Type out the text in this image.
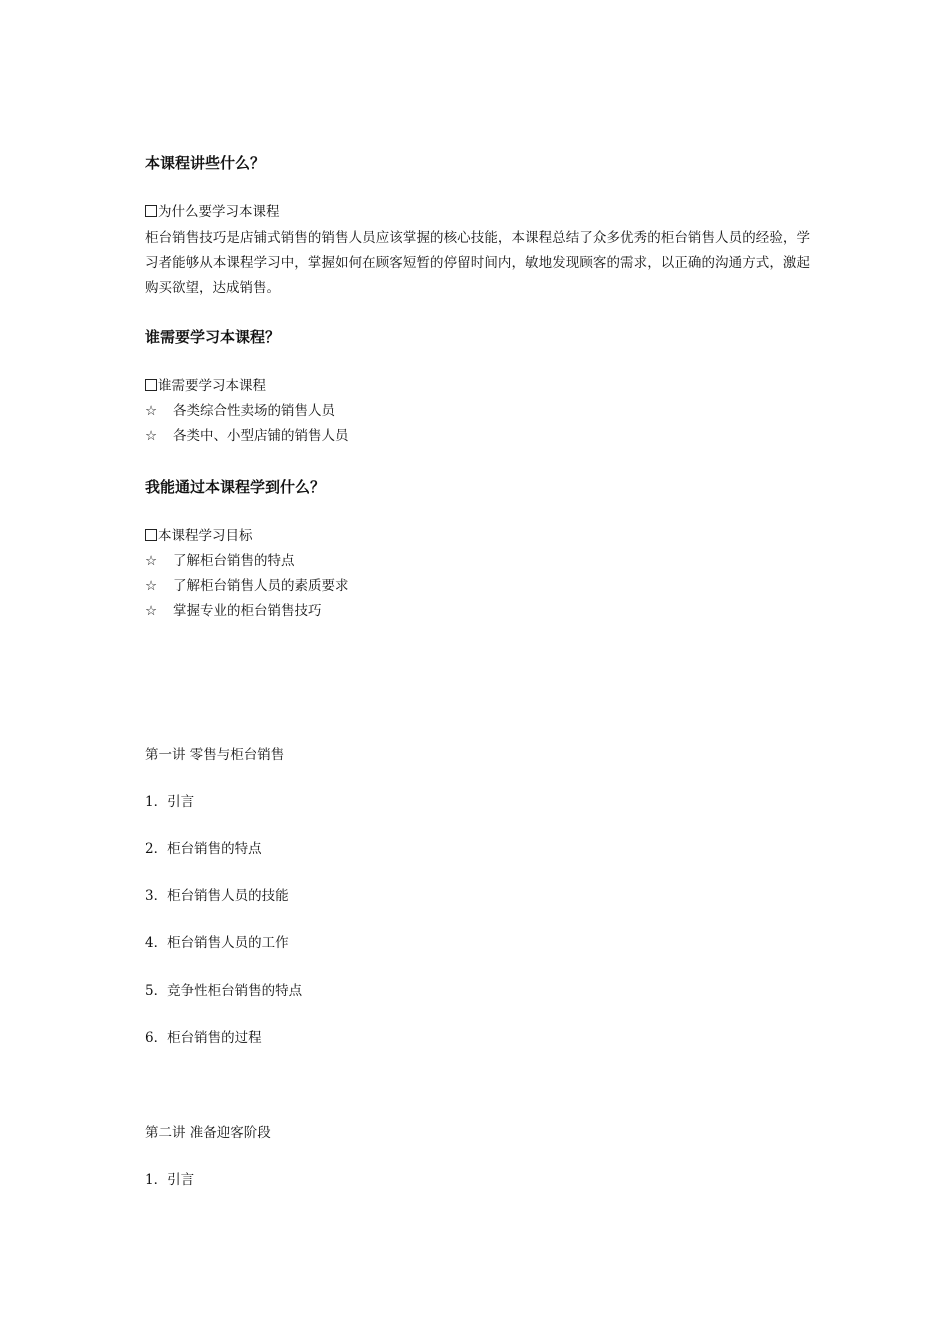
本课程讲些什么？
为什么要学习本课程
柜台销售技巧是店铺式销售的销售人员应该掌握的核心技能，本课程总结了众多优秀的柜台销售人员的经验，学习者能够从本课程学习中，掌握如何在顾客短暂的停留时间内，敏地发现顾客的需求，以正确的沟通方式，激起购买欲望，达成销售。
谁需要学习本课程？
谁需要学习本课程
☆ 各类综合性卖场的销售人员
☆ 各类中、小型店铺的销售人员
我能通过本课程学到什么？
本课程学习目标
☆ 了解柜台销售的特点
☆ 了解柜台销售人员的素质要求
☆ 掌握专业的柜台销售技巧
第一讲 零售与柜台销售
1．引言
2．柜台销售的特点
3．柜台销售人员的技能
4．柜台销售人员的工作
5．竞争性柜台销售的特点
6．柜台销售的过程
第二讲 准备迎客阶段
1．引言
